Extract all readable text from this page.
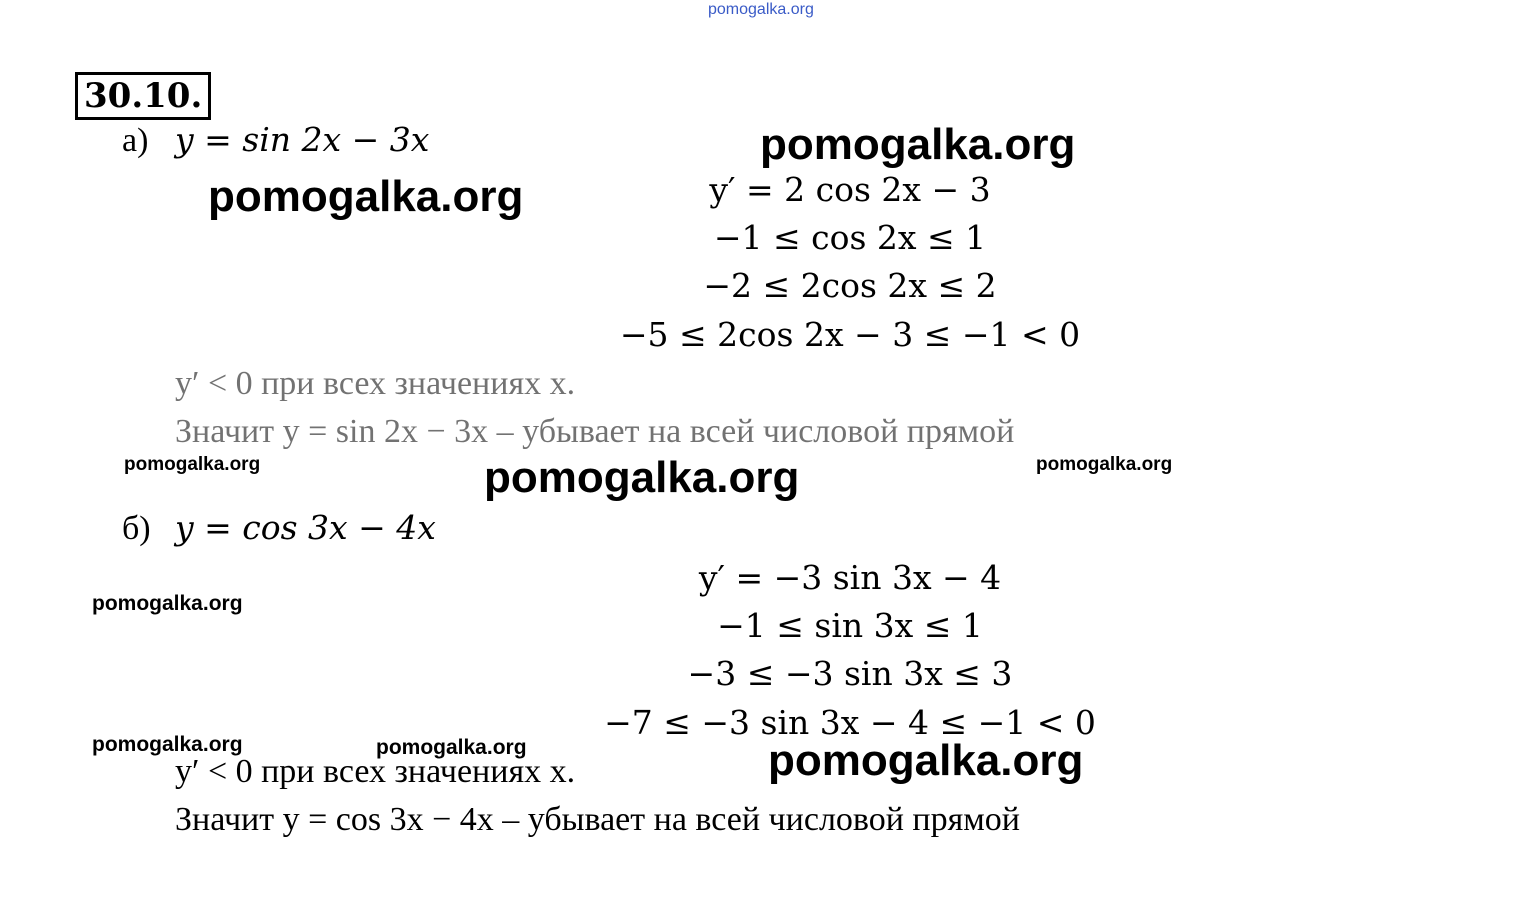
pomogalka.org
30.10.
а) y = sin 2x − 3x
y′ = 2 cos 2x − 3
−1 ≤ cos 2x ≤ 1
−2 ≤ 2cos 2x ≤ 2
−5 ≤ 2cos 2x − 3 ≤ −1 < 0
y′ < 0 при всех значениях x.
Значит y = sin 2x − 3x – убывает на всей числовой прямой
б) y = cos 3x − 4x
y′ = −3 sin 3x − 4
−1 ≤ sin 3x ≤ 1
−3 ≤ −3 sin 3x ≤ 3
−7 ≤ −3 sin 3x − 4 ≤ −1 < 0
y′ < 0 при всех значениях x.
Значит y = cos 3x − 4x – убывает на всей числовой прямой
pomogalka.org
pomogalka.org
pomogalka.org	pomogalka.org
pomogalka.org
pomogalka.org
pomogalka.org	pomogalka.org	pomogalka.org
